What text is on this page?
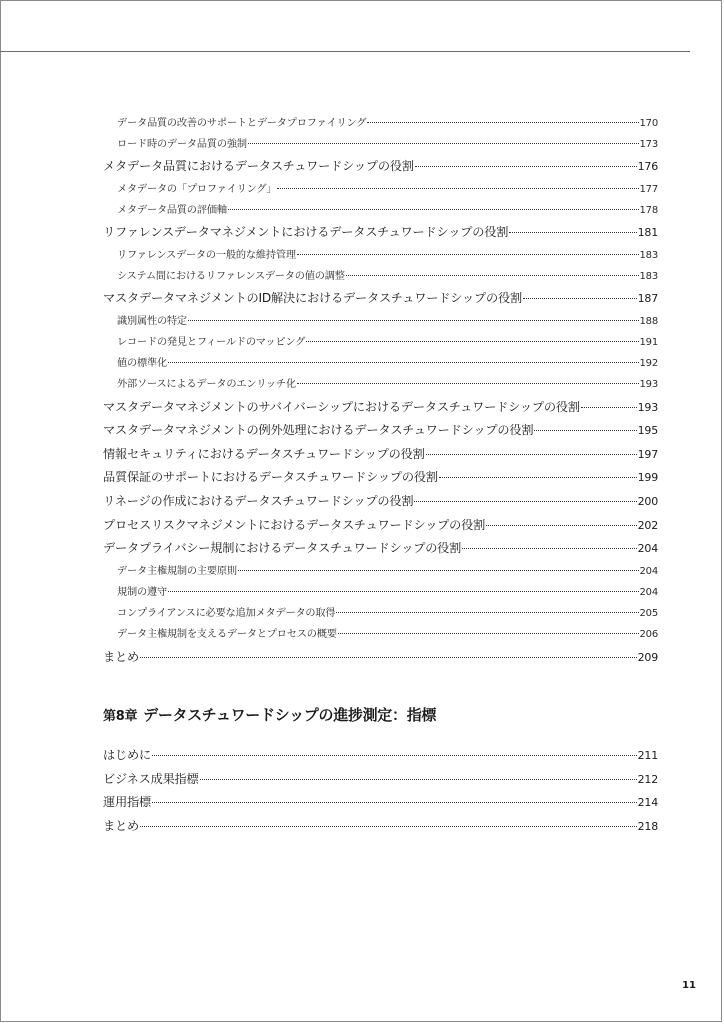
データ品質の改善のサポートとデータプロファイリング	170
ロード時のデータ品質の強制	173
メタデータ品質におけるデータスチュワードシップの役割	176
メタデータの「プロファイリング」	177
メタデータ品質の評価軸	178
リファレンスデータマネジメントにおけるデータスチュワードシップの役割	181
リファレンスデータの一般的な維持管理	183
システム間におけるリファレンスデータの値の調整	183
マスタデータマネジメントのID解決におけるデータスチュワードシップの役割	187
識別属性の特定	188
レコードの発見とフィールドのマッピング	191
値の標準化	192
外部ソースによるデータのエンリッチ化	193
マスタデータマネジメントのサバイバーシップにおけるデータスチュワードシップの役割	193
マスタデータマネジメントの例外処理におけるデータスチュワードシップの役割	195
情報セキュリティにおけるデータスチュワードシップの役割	197
品質保証のサポートにおけるデータスチュワードシップの役割	199
リネージの作成におけるデータスチュワードシップの役割	200
プロセスリスクマネジメントにおけるデータスチュワードシップの役割	202
データプライバシー規制におけるデータスチュワードシップの役割	204
データ主権規制の主要原則	204
規制の遵守	204
コンプライアンスに必要な追加メタデータの取得	205
データ主権規制を支えるデータとプロセスの概要	206
まとめ	209
第8章 データスチュワードシップの進捗測定：指標
はじめに	211
ビジネス成果指標	212
運用指標	214
まとめ	218
11
